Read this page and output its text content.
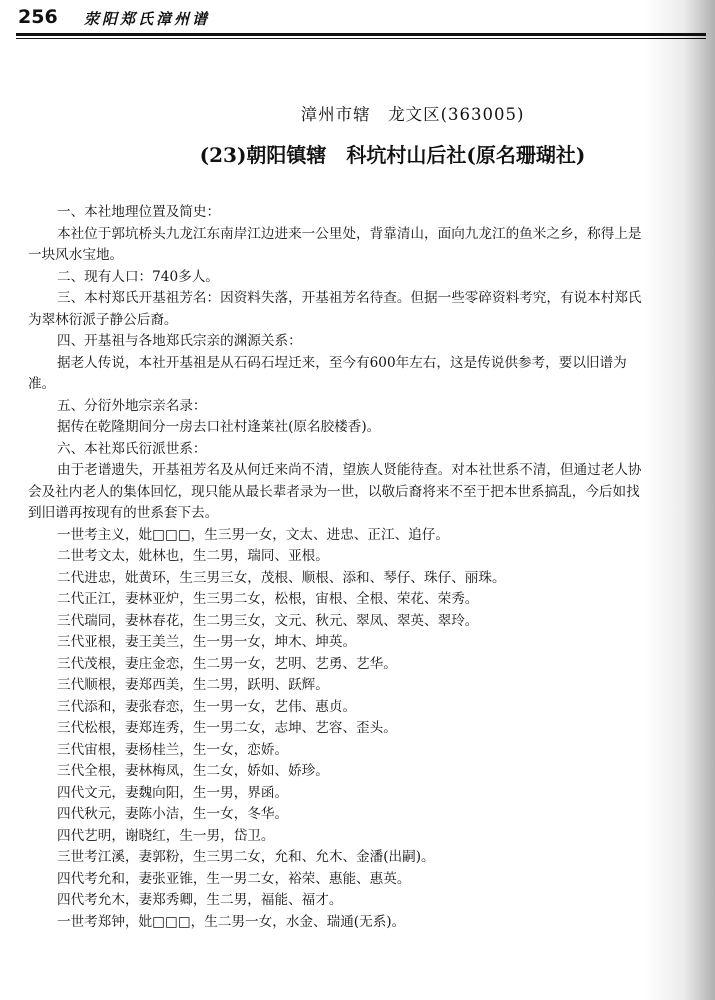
256 荥阳郑氏漳州谱
漳州市辖　龙文区(363005)
(23)朝阳镇辖　科坑村山后社(原名珊瑚社)

一、本社地理位置及简史：

本社位于郭坑桥头九龙江东南岸江边进来一公里处，背靠清山，面向九龙江的鱼米之乡，称得上是

一块风水宝地。

二、现有人口：740多人。

三、本村郑氏开基祖芳名：因资料失落，开基祖芳名待查。但据一些零碎资料考究，有说本村郑氏

为翠林衍派子静公后裔。

四、开基祖与各地郑氏宗亲的渊源关系：

据老人传说，本社开基祖是从石码石埕迁来，至今有600年左右，这是传说供参考，要以旧谱为

准。

五、分衍外地宗亲名录：

据传在乾隆期间分一房去口社村逢莱社(原名胶楼香)。

六、本社郑氏衍派世系：

由于老谱遗失，开基祖芳名及从何迁来尚不清，望族人贤能待查。对本社世系不清，但通过老人协

会及社内老人的集体回忆，现只能从最长辈者录为一世，以敬后裔将来不至于把本世系搞乱，今后如找

到旧谱再按现有的世系套下去。

一世考主义，妣□□□，生三男一女，文太、进忠、正江、追仔。

二世考文太，妣林也，生二男，瑞同、亚根。

二代进忠，妣黄环，生三男三女，茂根、顺根、添和、琴仔、珠仔、丽珠。

二代正江，妻林亚炉，生三男二女，松根，宙根、全根、荣花、荣秀。

三代瑞同，妻林春花，生二男三女，文元、秋元、翠凤、翠英、翠玲。

三代亚根，妻王美兰，生一男一女，坤木、坤英。

三代茂根，妻庄金恋，生二男一女，艺明、艺勇、艺华。

三代顺根，妻郑西美，生二男，跃明、跃辉。

三代添和，妻张春恋，生一男一女，艺伟、惠贞。

三代松根，妻郑连秀，生一男二女，志坤、艺容、歪头。

三代宙根，妻杨桂兰，生一女，恋娇。

三代全根，妻林梅凤，生二女，娇如、娇珍。

四代文元，妻魏向阳，生一男，界函。

四代秋元，妻陈小洁，生一女，冬华。

四代艺明，谢晓红，生一男，岱卫。

三世考江溪，妻郭粉，生三男二女，允和、允木、金潘(出嗣)。

四代考允和，妻张亚锥，生一男二女，裕荣、惠能、惠英。

四代考允木，妻郑秀卿，生二男，福能、福才。

一世考郑钟，妣□□□，生二男一女，水金、瑞通(无系)。
